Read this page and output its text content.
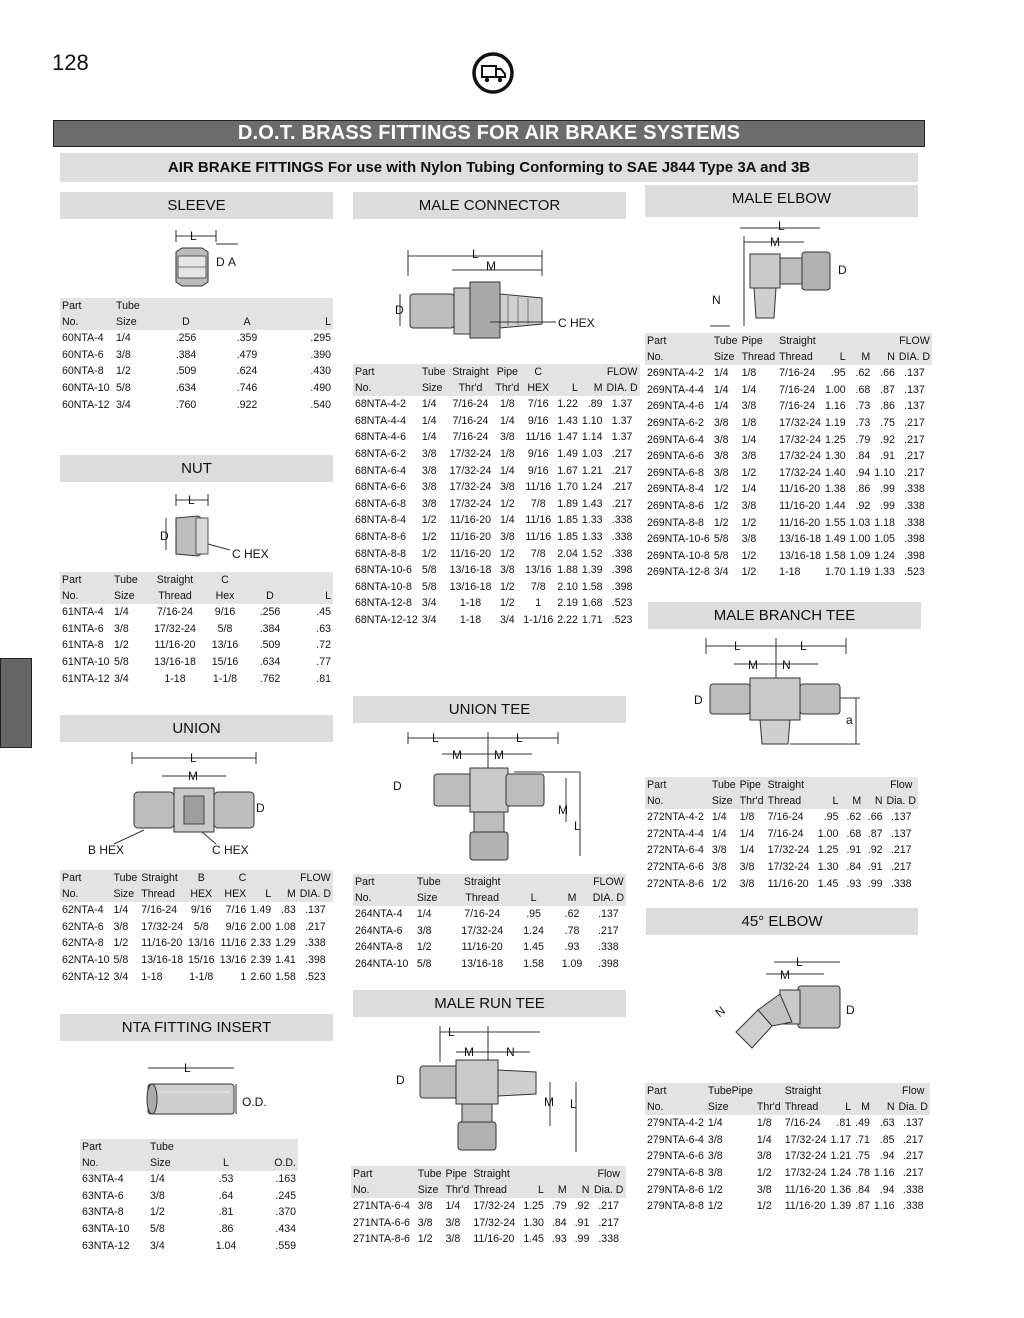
128
D.O.T. BRASS FITTINGS FOR AIR BRAKE SYSTEMS
AIR BRAKE FITTINGS For use with Nylon Tubing Conforming to SAE J844 Type 3A and 3B
SLEEVE
L
D A
Part	Tube			
No.	Size	D	A	L
60NTA-4	1/4	.256	.359	.295
60NTA-6	3/8	.384	.479	.390
60NTA-8	1/2	.509	.624	.430
60NTA-10	5/8	.634	.746	.490
60NTA-12	3/4	.760	.922	.540
NUT
L
D
C HEX
Part	Tube	Straight	C		
No.	Size	Thread	Hex	D	L
61NTA-4	1/4	7/16-24	9/16	.256	.45
61NTA-6	3/8	17/32-24	5/8	.384	.63
61NTA-8	1/2	11/16-20	13/16	.509	.72
61NTA-10	5/8	13/16-18	15/16	.634	.77
61NTA-12	3/4	1-18	1-1/8	.762	.81
UNION
L
M
D
B HEX	C HEX
Part	Tube	Straight	B	C			FLOW
No.	Size	Thread	HEX	HEX	L	M	DIA. D
62NTA-4	1/4	7/16-24	9/16	7/16	1.49	.83	.137
62NTA-6	3/8	17/32-24	5/8	9/16	2.00	1.08	.217
62NTA-8	1/2	11/16-20	13/16	11/16	2.33	1.29	.338
62NTA-10	5/8	13/16-18	15/16	13/16	2.39	1.41	.398
62NTA-12	3/4	1-18	1-1/8	1	2.60	1.58	.523
NTA FITTING INSERT
L
O.D.
Part	Tube		
No.	Size	L	O.D.
63NTA-4	1/4	.53	.163
63NTA-6	3/8	.64	.245
63NTA-8	1/2	.81	.370
63NTA-10	5/8	.86	.434
63NTA-12	3/4	1.04	.559
MALE CONNECTOR
L
M
D
C HEX
Part	Tube	Straight	Pipe	C			FLOW
No.	Size	Thr'd	Thr'd	HEX	L	M	DIA. D
68NTA-4-2	1/4	7/16-24	1/8	7/16	1.22	.89	1.37
68NTA-4-4	1/4	7/16-24	1/4	9/16	1.43	1.10	1.37
68NTA-4-6	1/4	7/16-24	3/8	11/16	1.47	1.14	1.37
68NTA-6-2	3/8	17/32-24	1/8	9/16	1.49	1.03	.217
68NTA-6-4	3/8	17/32-24	1/4	9/16	1.67	1.21	.217
68NTA-6-6	3/8	17/32-24	3/8	11/16	1.70	1.24	.217
68NTA-6-8	3/8	17/32-24	1/2	7/8	1.89	1.43	.217
68NTA-8-4	1/2	11/16-20	1/4	11/16	1.85	1.33	.338
68NTA-8-6	1/2	11/16-20	3/8	11/16	1.85	1.33	.338
68NTA-8-8	1/2	11/16-20	1/2	7/8	2.04	1.52	.338
68NTA-10-6	5/8	13/16-18	3/8	13/16	1.88	1.39	.398
68NTA-10-8	5/8	13/16-18	1/2	7/8	2.10	1.58	.398
68NTA-12-8	3/4	1-18	1/2	1	2.19	1.68	.523
68NTA-12-12	3/4	1-18	3/4	1-1/16	2.22	1.71	.523
UNION TEE
L	L
M	M
D
M
L
Part	Tube	Straight			FLOW
No.	Size	Thread	L	M	DIA. D
264NTA-4	1/4	7/16-24	.95	.62	.137
264NTA-6	3/8	17/32-24	1.24	.78	.217
264NTA-8	1/2	11/16-20	1.45	.93	.338
264NTA-10	5/8	13/16-18	1.58	1.09	.398
MALE RUN TEE
L
M	N
D
M L
Part	Tube	Pipe	Straight				Flow
No.	Size	Thr'd	Thread	L	M	N	Dia. D
271NTA-6-4	3/8	1/4	17/32-24	1.25	.79	.92	.217
271NTA-6-6	3/8	3/8	17/32-24	1.30	.84	.91	.217
271NTA-8-6	1/2	3/8	11/16-20	1.45	.93	.99	.338
MALE ELBOW
L
M
D
N
Part	Tube	Pipe	Straight				FLOW
No.	Size	Thread	Thread	L	M	N	DIA. D
269NTA-4-2	1/4	1/8	7/16-24	.95	.62	.66	.137
269NTA-4-4	1/4	1/4	7/16-24	1.00	.68	.87	.137
269NTA-4-6	1/4	3/8	7/16-24	1.16	.73	.86	.137
269NTA-6-2	3/8	1/8	17/32-24	1.19	.73	.75	.217
269NTA-6-4	3/8	1/4	17/32-24	1.25	.79	.92	.217
269NTA-6-6	3/8	3/8	17/32-24	1.30	.84	.91	.217
269NTA-6-8	3/8	1/2	17/32-24	1.40	.94	1.10	.217
269NTA-8-4	1/2	1/4	11/16-20	1.38	.86	.99	.338
269NTA-8-6	1/2	3/8	11/16-20	1.44	.92	.99	.338
269NTA-8-8	1/2	1/2	11/16-20	1.55	1.03	1.18	.338
269NTA-10-6	5/8	3/8	13/16-18	1.49	1.00	1.05	.398
269NTA-10-8	5/8	1/2	13/16-18	1.58	1.09	1.24	.398
269NTA-12-8	3/4	1/2	1-18	1.70	1.19	1.33	.523
MALE BRANCH TEE
L	L
M N
D
a
Part	Tube	Pipe	Straight				Flow
No.	Size	Thr'd	Thread	L	M	N	Dia. D
272NTA-4-2	1/4	1/8	7/16-24	.95	.62	.66	.137
272NTA-4-4	1/4	1/4	7/16-24	1.00	.68	.87	.137
272NTA-6-4	3/8	1/4	17/32-24	1.25	.91	.92	.217
272NTA-6-6	3/8	3/8	17/32-24	1.30	.84	.91	.217
272NTA-8-6	1/2	3/8	11/16-20	1.45	.93	.99	.338
45° ELBOW
L
M
D
N
Part	TubePipe		Straight				Flow
No.	Size	Thr'd	Thread	L	M	N	Dia. D
279NTA-4-2	1/4	1/8	7/16-24	.81	.49	.63	.137
279NTA-6-4	3/8	1/4	17/32-24	1.17	.71	.85	.217
279NTA-6-6	3/8	3/8	17/32-24	1.21	.75	.94	.217
279NTA-6-8	3/8	1/2	17/32-24	1.24	.78	1.16	.217
279NTA-8-6	1/2	3/8	11/16-20	1.36	.84	.94	.338
279NTA-8-8	1/2	1/2	11/16-20	1.39	.87	1.16	.338
